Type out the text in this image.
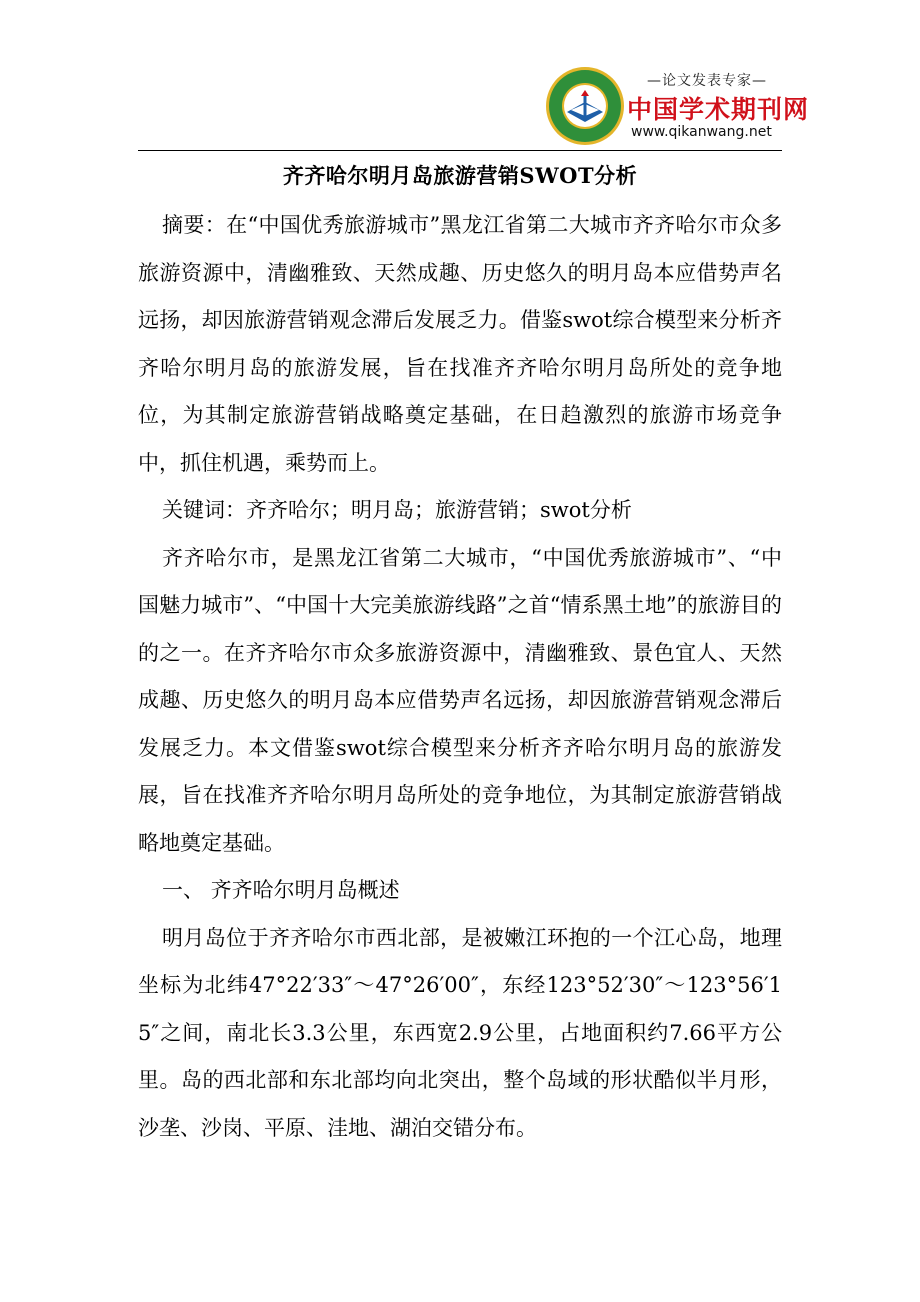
—论文发表专家—
中国学术期刊网
www.qikanwang.net
齐齐哈尔明月岛旅游营销SWOT分析

摘要：在“中国优秀旅游城市”黑龙江省第二大城市齐齐哈尔市众多旅游资源中，清幽雅致、天然成趣、历史悠久的明月岛本应借势声名远扬，却因旅游营销观念滞后发展乏力。借鉴swot综合模型来分析齐齐哈尔明月岛的旅游发展，旨在找准齐齐哈尔明月岛所处的竞争地位，为其制定旅游营销战略奠定基础，在日趋激烈的旅游市场竞争中，抓住机遇，乘势而上。

关键词：齐齐哈尔；明月岛；旅游营销；swot分析

齐齐哈尔市，是黑龙江省第二大城市，“中国优秀旅游城市”、“中国魅力城市”、“中国十大完美旅游线路”之首“情系黑土地”的旅游目的的之一。在齐齐哈尔市众多旅游资源中，清幽雅致、景色宜人、天然成趣、历史悠久的明月岛本应借势声名远扬，却因旅游营销观念滞后发展乏力。本文借鉴swot综合模型来分析齐齐哈尔明月岛的旅游发展，旨在找准齐齐哈尔明月岛所处的竞争地位，为其制定旅游营销战略地奠定基础。

一、 齐齐哈尔明月岛概述

明月岛位于齐齐哈尔市西北部，是被嫩江环抱的一个江心岛，地理坐标为北纬47°22′33″～47°26′00″，东经123°52′30″～123°56′15″之间，南北长3.3公里，东西宽2.9公里，占地面积约7.66平方公里。岛的西北部和东北部均向北突出，整个岛域的形状酷似半月形，沙垄、沙岗、平原、洼地、湖泊交错分布。
